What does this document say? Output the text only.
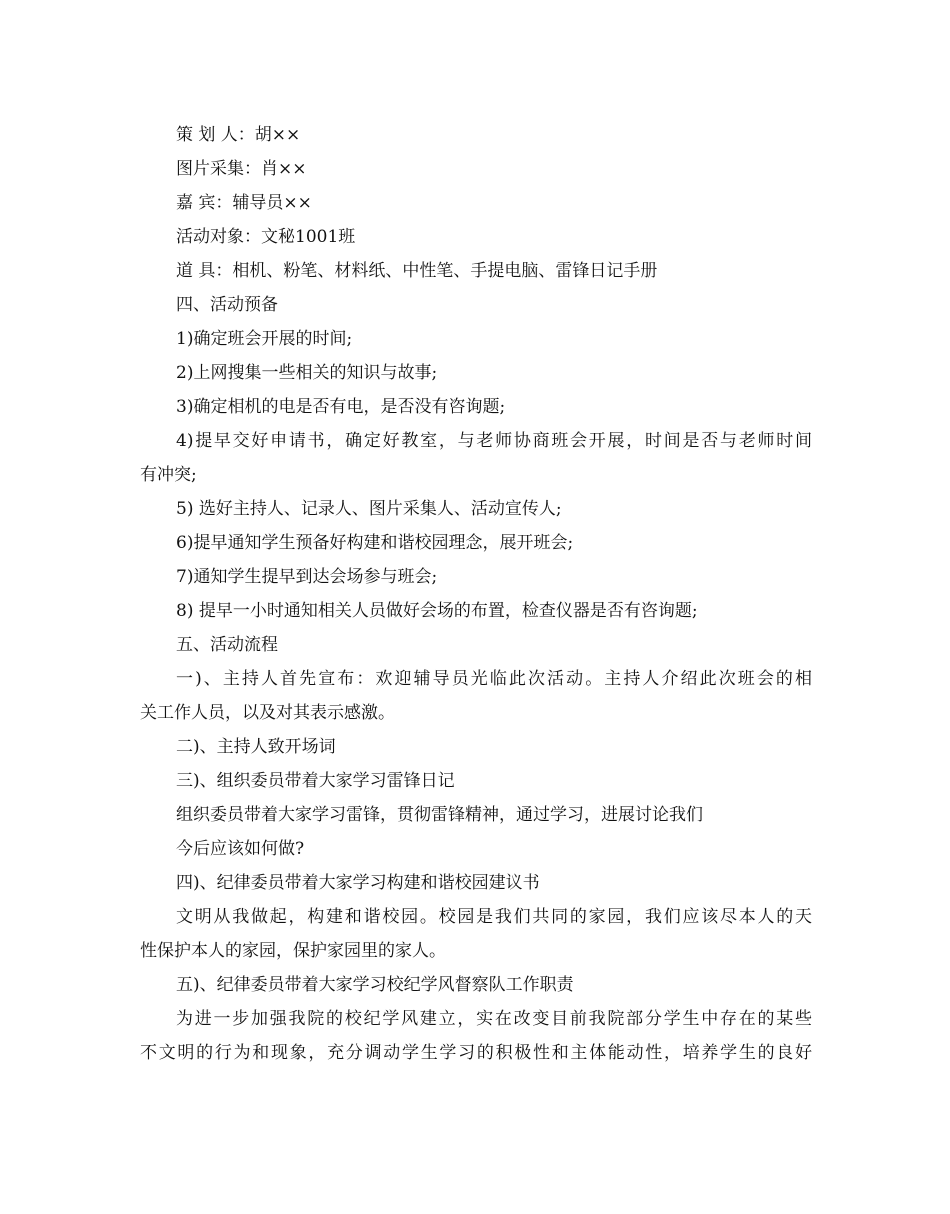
策 划 人：胡××
图片采集：肖××
嘉 宾：辅导员××
活动对象：文秘1001班
道 具：相机、粉笔、材料纸、中性笔、手提电脑、雷锋日记手册
四、活动预备
1)确定班会开展的时间;
2)上网搜集一些相关的知识与故事;
3)确定相机的电是否有电，是否没有咨询题;
4)提早交好申请书，确定好教室，与老师协商班会开展，时间是否与老师时间
有冲突;
5) 选好主持人、记录人、图片采集人、活动宣传人;
6)提早通知学生预备好构建和谐校园理念，展开班会;
7)通知学生提早到达会场参与班会;
8) 提早一小时通知相关人员做好会场的布置，检查仪器是否有咨询题;
五、活动流程
一)、主持人首先宣布：欢迎辅导员光临此次活动。主持人介绍此次班会的相
关工作人员，以及对其表示感激。
二)、主持人致开场词
三)、组织委员带着大家学习雷锋日记
组织委员带着大家学习雷锋，贯彻雷锋精神，通过学习，进展讨论我们
今后应该如何做?
四)、纪律委员带着大家学习构建和谐校园建议书
文明从我做起，构建和谐校园。校园是我们共同的家园，我们应该尽本人的天
性保护本人的家园，保护家园里的家人。
五)、纪律委员带着大家学习校纪学风督察队工作职责
为进一步加强我院的校纪学风建立，实在改变目前我院部分学生中存在的某些
不文明的行为和现象，充分调动学生学习的积极性和主体能动性，培养学生的良好
